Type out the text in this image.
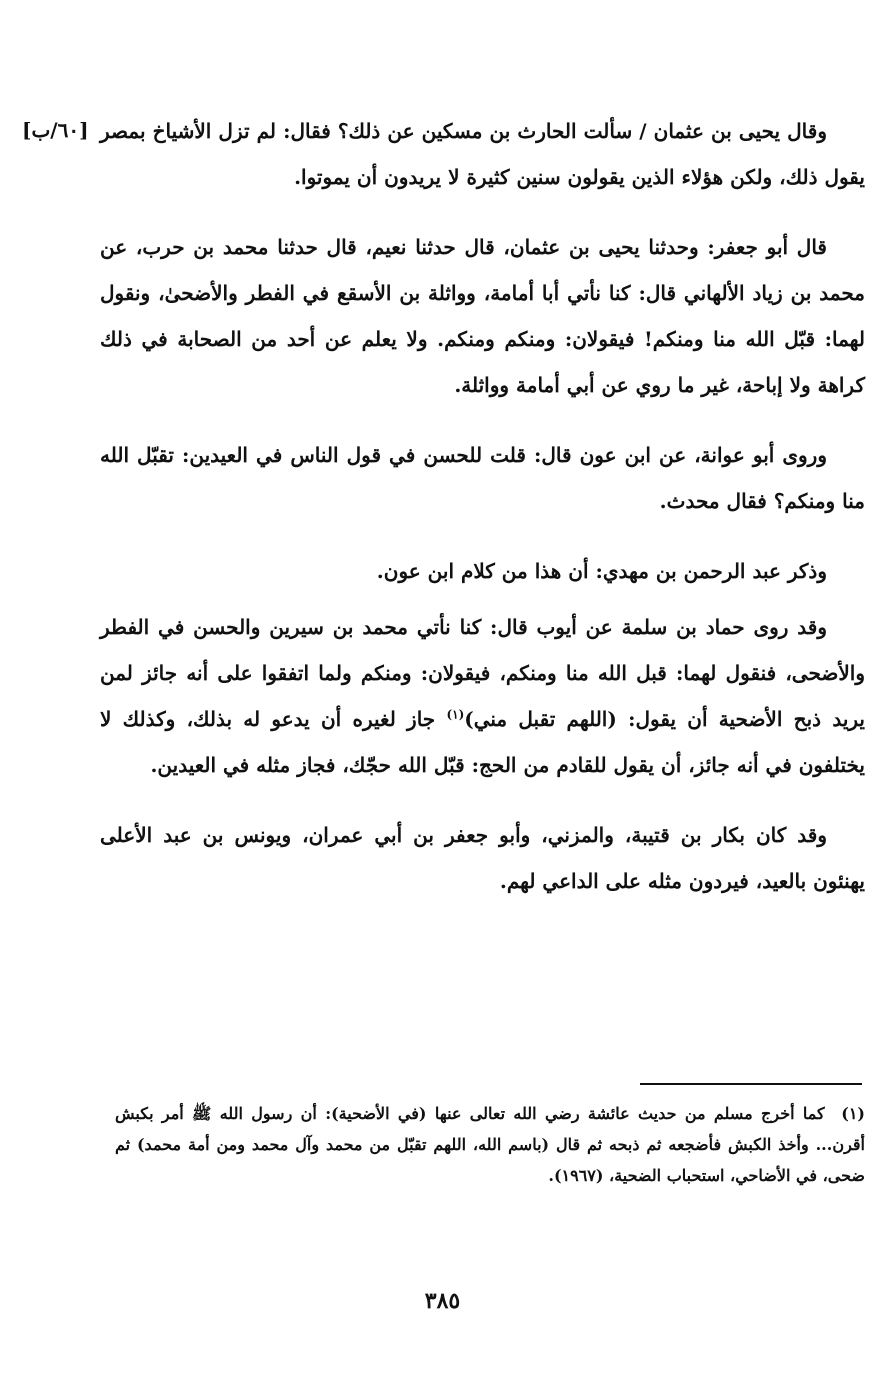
وقال يحيى بن عثمان / سألت الحارث بن مسكين عن ذلك؟ فقال: لم تزل الأشياخ بمصر يقول ذلك، ولكن هؤلاء الذين يقولون سنين كثيرة لا يريدون أن يموتوا.

قال أبو جعفر: وحدثنا يحيى بن عثمان، قال حدثنا نعيم، قال حدثنا محمد بن حرب، عن محمد بن زياد الألهاني قال: كنا نأتي أبا أمامة، وواثلة بن الأسقع في الفطر والأضحىٰ، ونقول لهما: قبّل الله منا ومنكم! فيقولان: ومنكم ومنكم. ولا يعلم عن أحد من الصحابة في ذلك كراهة ولا إباحة، غير ما روي عن أبي أمامة وواثلة.

وروى أبو عوانة، عن ابن عون قال: قلت للحسن في قول الناس في العيدين: تقبّل الله منا ومنكم؟ فقال محدث.

وذكر عبد الرحمن بن مهدي: أن هذا من كلام ابن عون.

وقد روى حماد بن سلمة عن أيوب قال: كنا نأتي محمد بن سيرين والحسن في الفطر والأضحى، فنقول لهما: قبل الله منا ومنكم، فيقولان: ومنكم ولما اتفقوا على أنه جائز لمن يريد ذبح الأضحية أن يقول: (اللهم تقبل مني)$^{(١)}$ جاز لغيره أن يدعو له بذلك، وكذلك لا يختلفون في أنه جائز، أن يقول للقادم من الحج: قبّل الله حجّك، فجاز مثله في العيدين.

وقد كان بكار بن قتيبة، والمزني، وأبو جعفر بن أبي عمران، ويونس بن عبد الأعلى يهنئون بالعيد، فيردون مثله على الداعي لهم.

[٦٠/ب]

(١) كما أخرج مسلم من حديث عائشة رضي الله تعالى عنها (في الأضحية): أن رسول الله ﷺ أمر بكبش أقرن... وأخذ الكبش فأضجعه ثم ذبحه ثم قال (باسم الله، اللهم تقبّل من محمد وآل محمد ومن أمة محمد) ثم ضحى، في الأضاحي، استحباب الضحية، (١٩٦٧).

٣٨٥
